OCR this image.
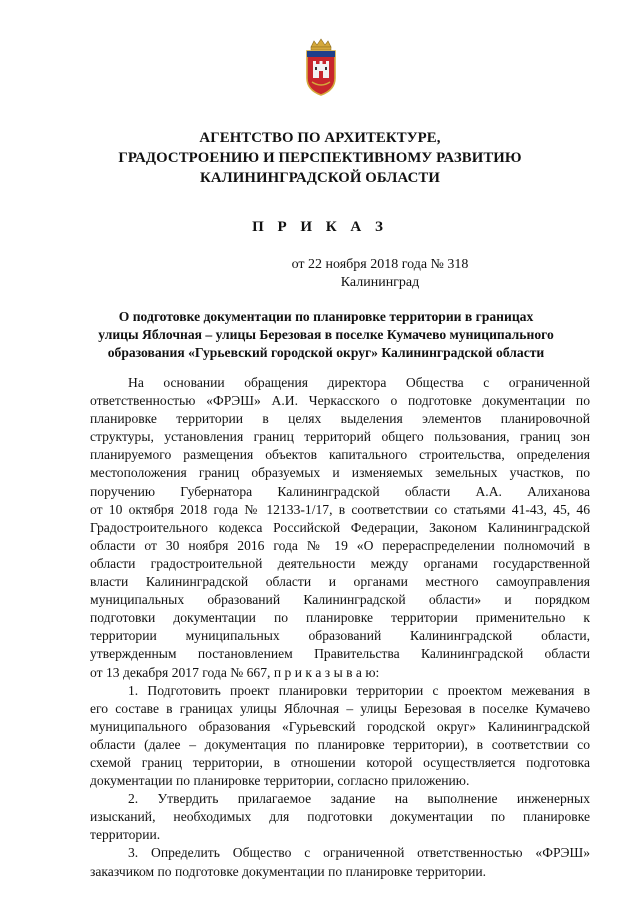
АГЕНТСТВО ПО АРХИТЕКТУРЕ,
ГРАДОСТРОЕНИЮ И ПЕРСПЕКТИВНОМУ РАЗВИТИЮ
КАЛИНИНГРАДСКОЙ ОБЛАСТИ
П Р И К А З
от 22 ноября 2018 года № 318
Калининград
О подготовке документации по планировке территории в границах
улицы Яблочная – улицы Березовая в поселке Кумачево муниципального
образования «Гурьевский городской округ» Калининградской области
На основании обращения директора Общества с ограниченной
ответственностью «ФРЭШ» А.И. Черкасского о подготовке документации по
планировке территории в целях выделения элементов планировочной
структуры, установления границ территорий общего пользования, границ зон
планируемого размещения объектов капитального строительства, определения
местоположения границ образуемых и изменяемых земельных участков, по
поручению Губернатора Калининградской области А.А. Алиханова
от 10 октября 2018 года № 12133-1/17, в соответствии со статьями 41-43, 45, 46
Градостроительного кодекса Российской Федерации, Законом Калининградской
области от 30 ноября 2016 года № 19 «О перераспределении полномочий в
области градостроительной деятельности между органами государственной
власти Калининградской области и органами местного самоуправления
муниципальных образований Калининградской области» и порядком
подготовки документации по планировке территории применительно к
территории муниципальных образований Калининградской области,
утвержденным постановлением Правительства Калининградской области
от 13 декабря 2017 года № 667, п р и к а з ы в а ю:
1. Подготовить проект планировки территории с проектом межевания в
его составе в границах улицы Яблочная – улицы Березовая в поселке Кумачево
муниципального образования «Гурьевский городской округ» Калининградской
области (далее – документация по планировке территории), в соответствии со
схемой границ территории, в отношении которой осуществляется подготовка
документации по планировке территории, согласно приложению.
2. Утвердить прилагаемое задание на выполнение инженерных
изысканий, необходимых для подготовки документации по планировке
территории.
3. Определить Общество с ограниченной ответственностью «ФРЭШ»
заказчиком по подготовке документации по планировке территории.
